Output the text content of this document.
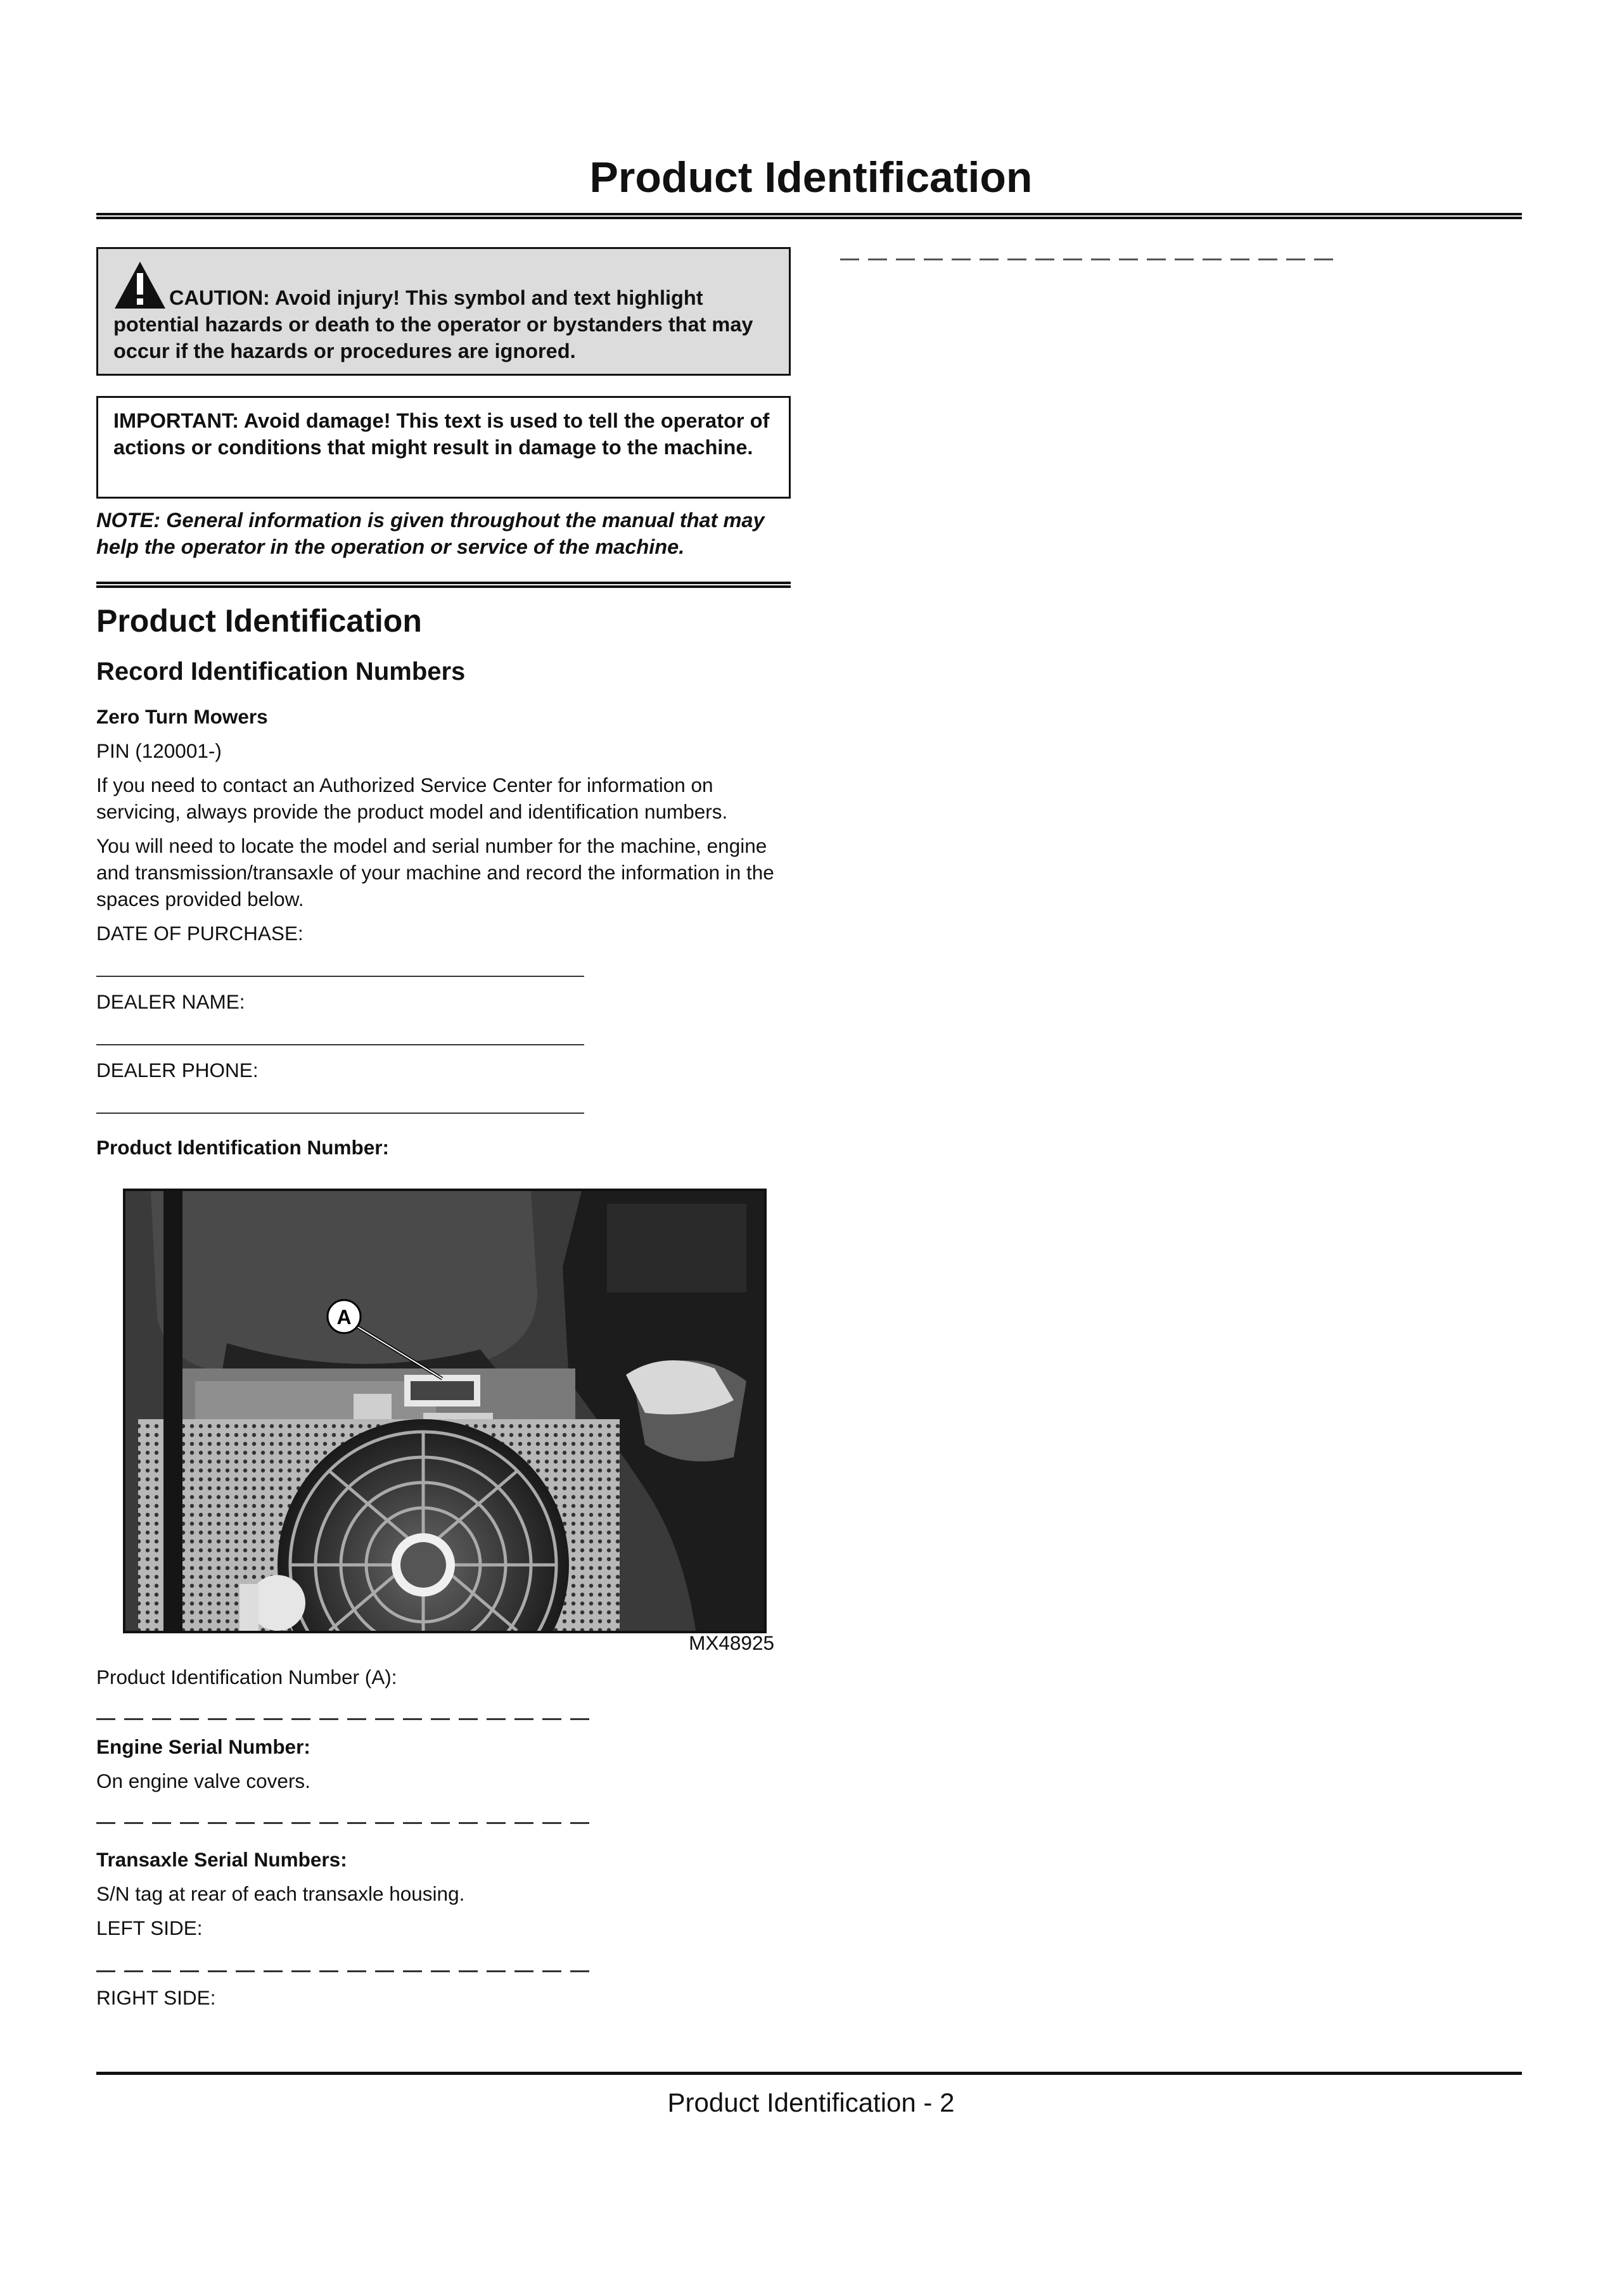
Product Identification
CAUTION: Avoid injury! This symbol and text highlight potential hazards or death to the operator or bystanders that may occur if the hazards or procedures are ignored.
IMPORTANT: Avoid damage! This text is used to tell the operator of actions or conditions that might result in damage to the machine.
NOTE: General information is given throughout the manual that may help the operator in the operation or service of the machine.
Product Identification
Record Identification Numbers
Zero Turn Mowers
PIN (120001-)
If you need to contact an Authorized Service Center for information on servicing, always provide the product model and identification numbers.
You will need to locate the model and serial number for the machine, engine and transmission/transaxle of your machine and record the information in the spaces provided below.
DATE OF PURCHASE:
DEALER NAME:
DEALER PHONE:
Product Identification Number:
A
MX48925
Product Identification Number (A):
Engine Serial Number:
On engine valve covers.
Transaxle Serial Numbers:
S/N tag at rear of each transaxle housing.
LEFT SIDE:
RIGHT SIDE:
Product Identification - 2
